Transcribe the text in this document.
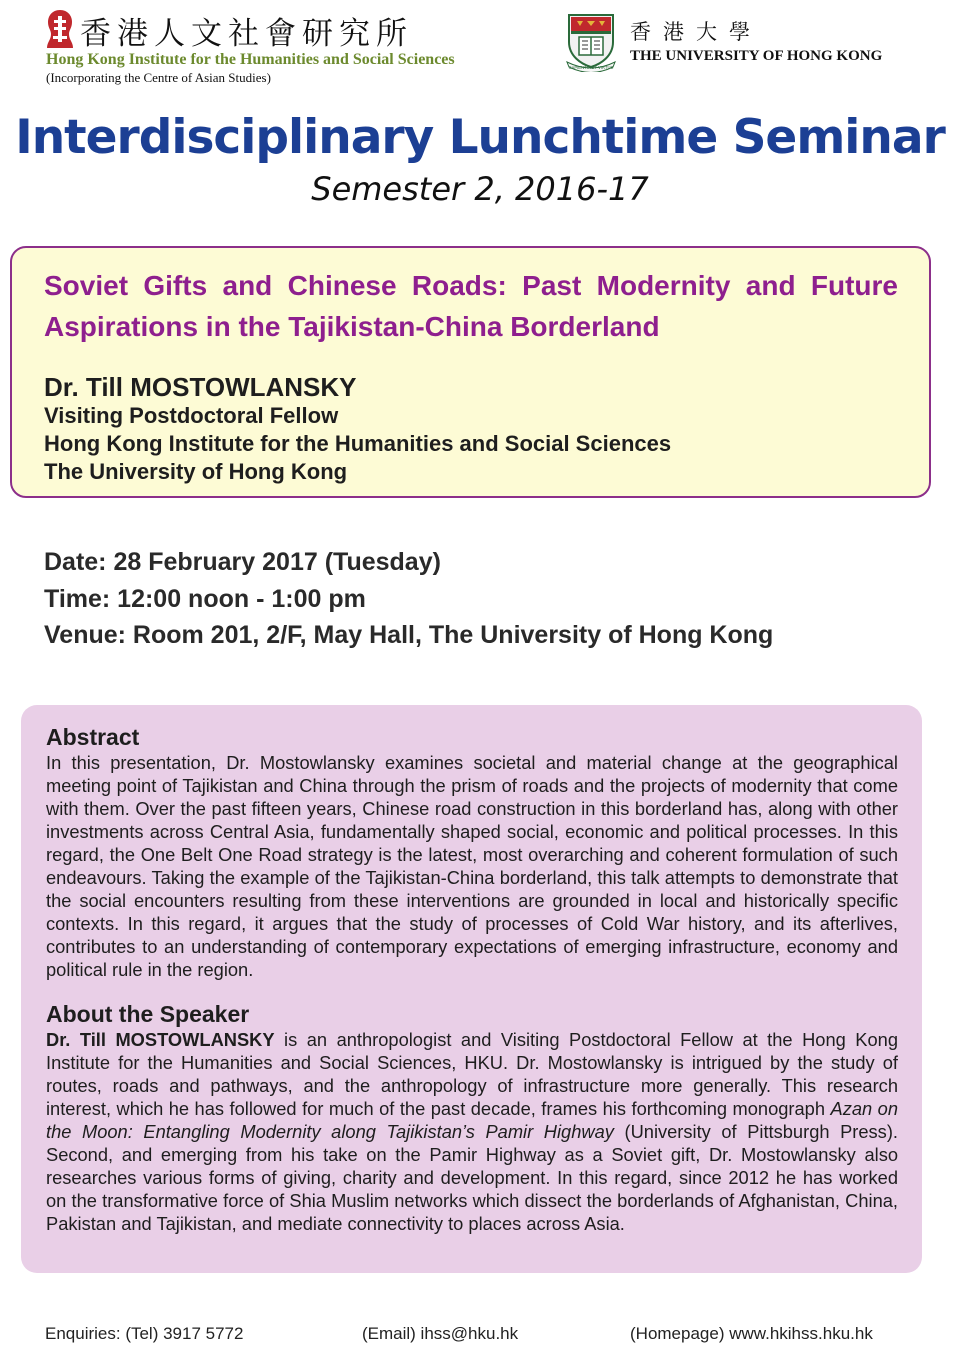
香港人文社會研究所
Hong Kong Institute for the Humanities and Social Sciences
(Incorporating the Centre of Asian Studies)
SAPIENTIA ET VIRTUS
香港大學
THE UNIVERSITY OF HONG KONG
Interdisciplinary Lunchtime Seminar
Semester 2, 2016-17
Soviet Gifts and Chinese Roads: Past Modernity and Future Aspirations in the Tajikistan-China Borderland
Dr. Till MOSTOWLANSKY
Visiting Postdoctoral Fellow
Hong Kong Institute for the Humanities and Social Sciences
The University of Hong Kong
Date: 28 February 2017 (Tuesday)
Time: 12:00 noon - 1:00 pm
Venue: Room 201, 2/F, May Hall, The University of Hong Kong
Abstract

In this presentation, Dr. Mostowlansky examines societal and material change at the geographical meeting point of Tajikistan and China through the prism of roads and the projects of modernity that come with them. Over the past fifteen years, Chinese road construction in this borderland has, along with other investments across Central Asia, fundamentally shaped social, economic and political processes. In this regard, the One Belt One Road strategy is the latest, most overarching and coherent formulation of such endeavours. Taking the example of the Tajikistan-China borderland, this talk attempts to demonstrate that the social encounters resulting from these interventions are grounded in local and historically specific contexts. In this regard, it argues that the study of processes of Cold War history, and its afterlives, contributes to an understanding of contemporary expectations of emerging infrastructure, economy and political rule in the region.

About the Speaker

Dr. Till MOSTOWLANSKY is an anthropologist and Visiting Postdoctoral Fellow at the Hong Kong Institute for the Humanities and Social Sciences, HKU. Dr. Mostowlansky is intrigued by the study of routes, roads and pathways, and the anthropology of infrastructure more generally. This research interest, which he has followed for much of the past decade, frames his forthcoming monograph Azan on the Moon: Entangling Modernity along Tajikistan’s Pamir Highway (University of Pittsburgh Press). Second, and emerging from his take on the Pamir Highway as a Soviet gift, Dr. Mostowlansky also researches various forms of giving, charity and development. In this regard, since 2012 he has worked on the transformative force of Shia Muslim networks which dissect the borderlands of Afghanistan, China, Pakistan and Tajikistan, and mediate connectivity to places across Asia.

Enquiries: (Tel) 3917 5772	(Email) ihss@hku.hk	(Homepage) www.hkihss.hku.hk
